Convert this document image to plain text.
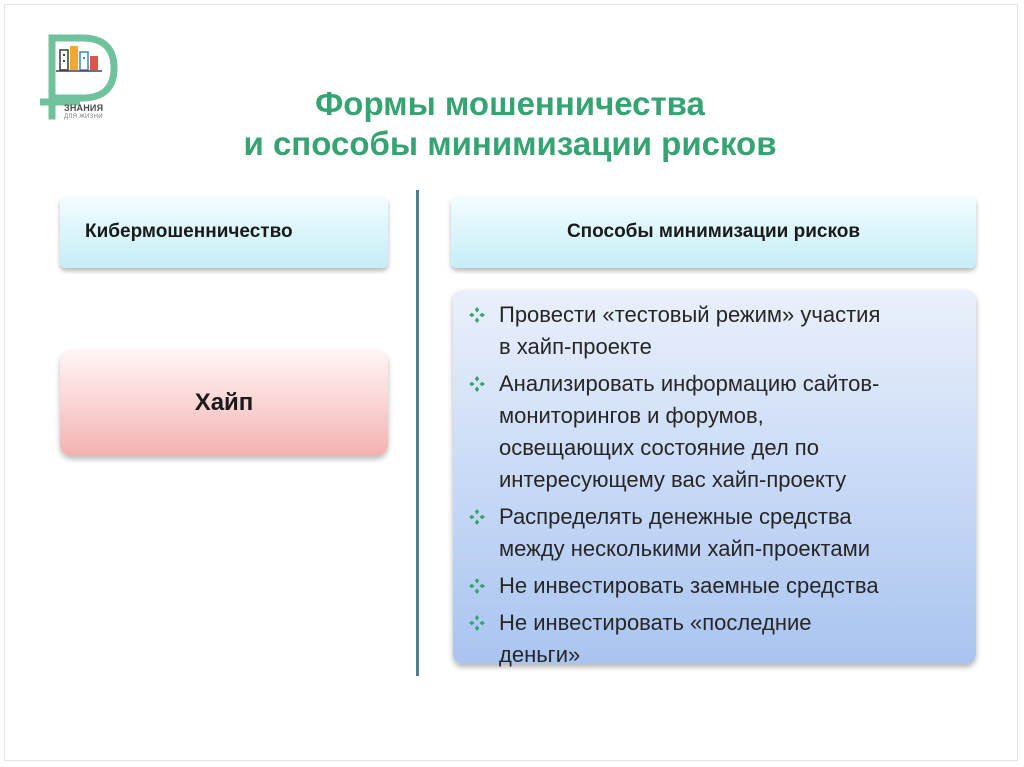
ЗНАНИЯ
ДЛЯ ЖИЗНИ	Формы мошенничества
и способы минимизации рисков
Кибермошенничество	Способы минимизации рисков
Хайп
Провести «тестовый режим» участия
в хайп-проекте
Анализировать информацию сайтов-
мониторингов и форумов,
освещающих состояние дел по
интересующему вас хайп-проекту
Распределять денежные средства
между несколькими хайп-проектами
Не инвестировать заемные средства
Не инвестировать «последние
деньги»
